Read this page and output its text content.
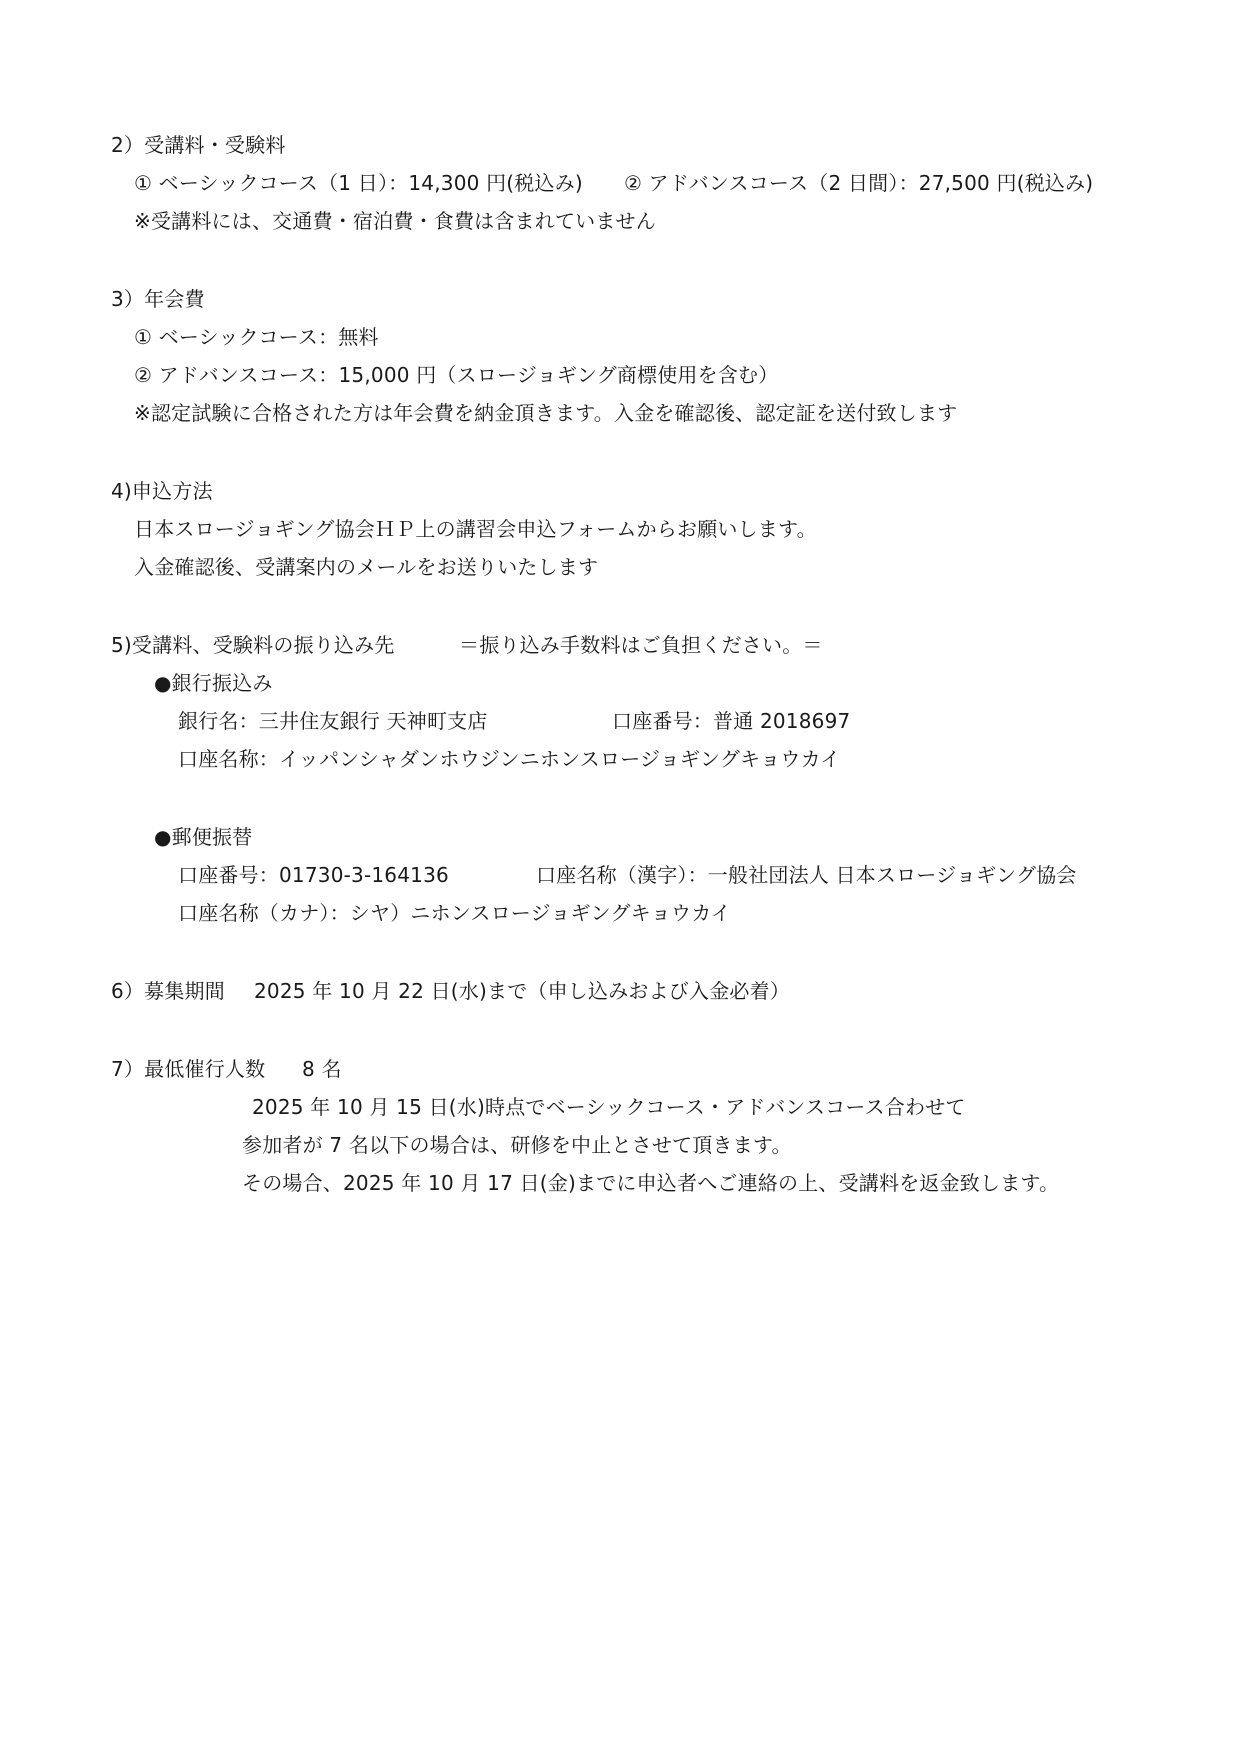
2）受講料・受験料
① ベーシックコース（1 日）：14,300 円(税込み) ② アドバンスコース（2 日間）：27,500 円(税込み)
※受講料には、交通費・宿泊費・食費は含まれていません
3）年会費
① ベーシックコース：無料
② アドバンスコース：15,000 円（スロージョギング商標使用を含む）
※認定試験に合格された方は年会費を納金頂きます。入金を確認後、認定証を送付致します
4)申込方法
日本スロージョギング協会ＨＰ上の講習会申込フォームからお願いします。
入金確認後、受講案内のメールをお送りいたします
5)受講料、受験料の振り込み先	＝振り込み手数料はご負担ください。＝
●銀行振込み
銀行名：三井住友銀行 天神町支店	口座番号：普通 2018697
口座名称：イッパンシャダンホウジンニホンスロージョギングキョウカイ
●郵便振替
口座番号：01730-3-164136	口座名称（漢字）：一般社団法人 日本スロージョギング協会
口座名称（カナ）：シヤ）ニホンスロージョギングキョウカイ
6）募集期間 2025 年 10 月 22 日(水)まで（申し込みおよび入金必着）
7）最低催行人数 8 名
2025 年 10 月 15 日(水)時点でベーシックコース・アドバンスコース合わせて
参加者が 7 名以下の場合は、研修を中止とさせて頂きます。
その場合、2025 年 10 月 17 日(金)までに申込者へご連絡の上、受講料を返金致します。
